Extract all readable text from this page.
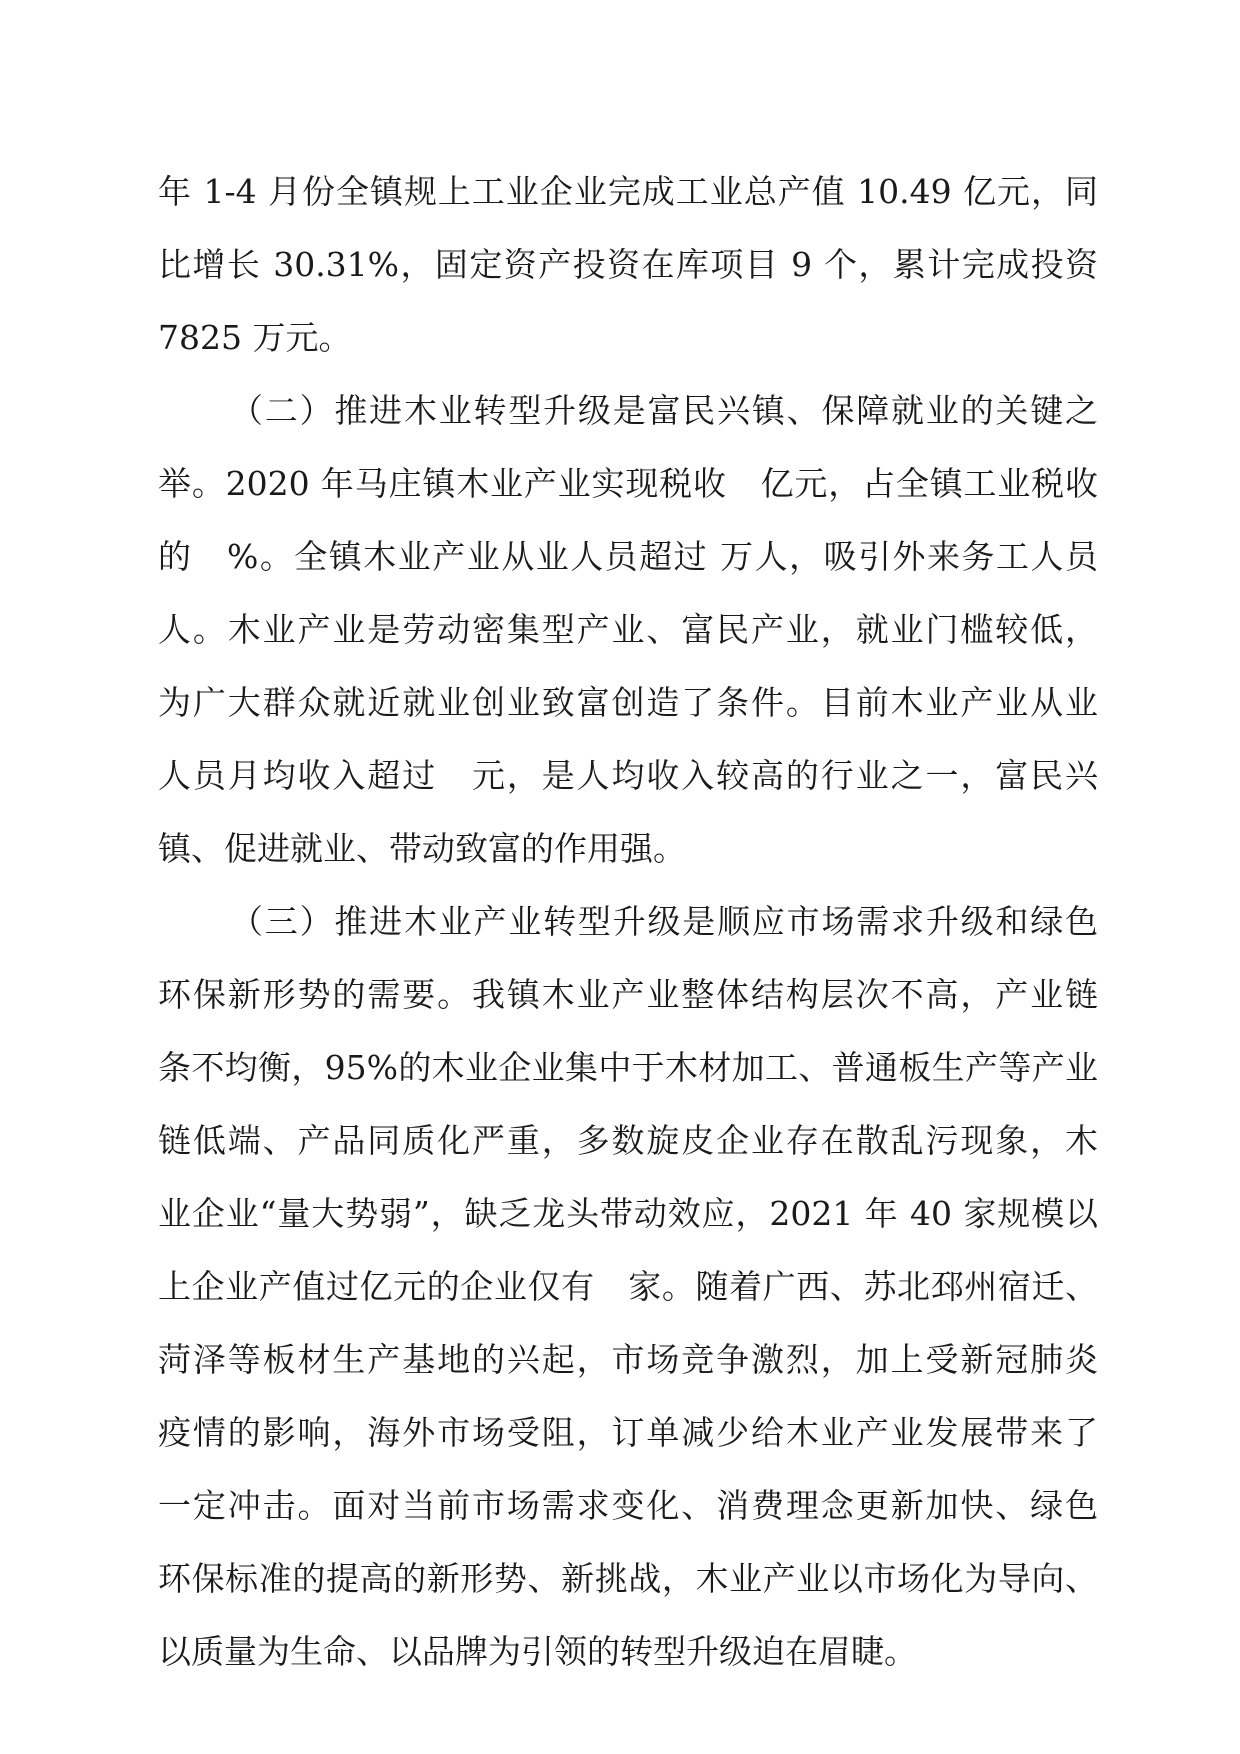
年 1-4 月份全镇规上工业企业完成工业总产值 10.49 亿元，同
比增长 30.31%，固定资产投资在库项目 9 个，累计完成投资
7825 万元。
（二）推进木业转型升级是富民兴镇、保障就业的关键之
举。2020 年马庄镇木业产业实现税收　亿元，占全镇工业税收
的　%。全镇木业产业从业人员超过 万人，吸引外来务工人员
人。木业产业是劳动密集型产业、富民产业，就业门槛较低，
为广大群众就近就业创业致富创造了条件。目前木业产业从业
人员月均收入超过　元，是人均收入较高的行业之一，富民兴
镇、促进就业、带动致富的作用强。
（三）推进木业产业转型升级是顺应市场需求升级和绿色
环保新形势的需要。我镇木业产业整体结构层次不高，产业链
条不均衡，95%的木业企业集中于木材加工、普通板生产等产业
链低端、产品同质化严重，多数旋皮企业存在散乱污现象，木
业企业“量大势弱”，缺乏龙头带动效应，2021 年 40 家规模以
上企业产值过亿元的企业仅有　家。随着广西、苏北邳州宿迁、
菏泽等板材生产基地的兴起，市场竞争激烈，加上受新冠肺炎
疫情的影响，海外市场受阻，订单减少给木业产业发展带来了
一定冲击。面对当前市场需求变化、消费理念更新加快、绿色
环保标准的提高的新形势、新挑战，木业产业以市场化为导向、
以质量为生命、以品牌为引领的转型升级迫在眉睫。
